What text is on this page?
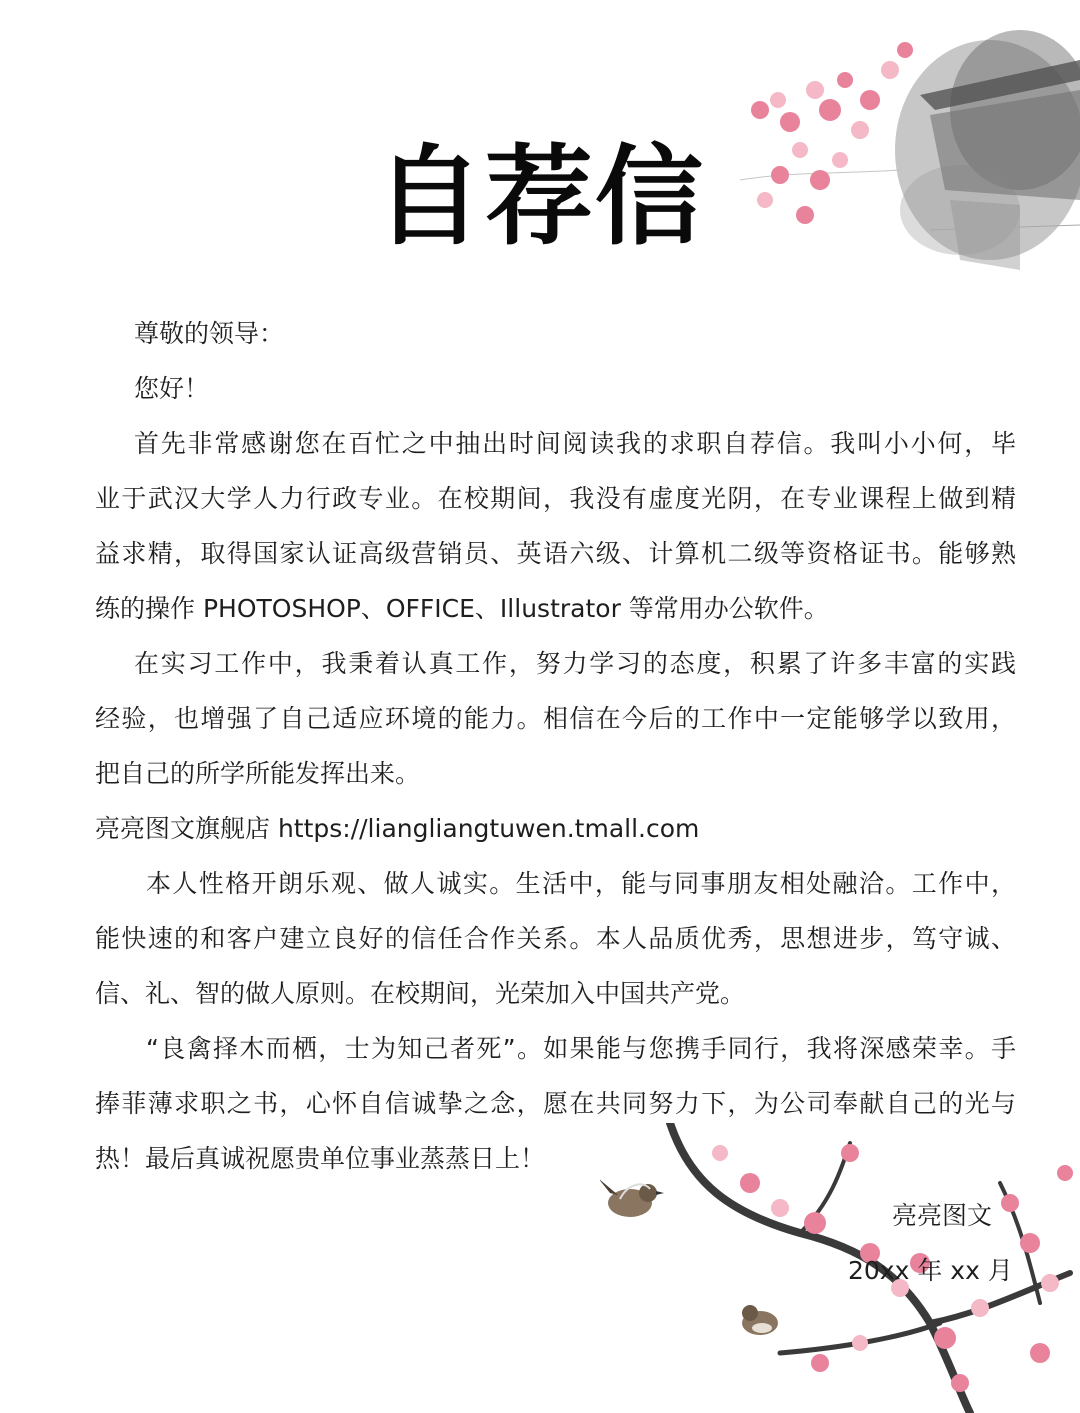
自荐信
尊敬的领导：
您好！
首先非常感谢您在百忙之中抽出时间阅读我的求职自荐信。我叫小小何，毕
业于武汉大学人力行政专业。在校期间，我没有虚度光阴，在专业课程上做到精
益求精，取得国家认证高级营销员、英语六级、计算机二级等资格证书。能够熟
练的操作 PHOTOSHOP、OFFICE、Illustrator 等常用办公软件。
在实习工作中，我秉着认真工作，努力学习的态度，积累了许多丰富的实践
经验，也增强了自己适应环境的能力。相信在今后的工作中一定能够学以致用，
把自己的所学所能发挥出来。
亮亮图文旗舰店 https://liangliangtuwen.tmall.com
本人性格开朗乐观、做人诚实。生活中，能与同事朋友相处融洽。工作中，
能快速的和客户建立良好的信任合作关系。本人品质优秀，思想进步，笃守诚、
信、礼、智的做人原则。在校期间，光荣加入中国共产党。
“良禽择木而栖，士为知己者死”。如果能与您携手同行，我将深感荣幸。手
捧菲薄求职之书，心怀自信诚挚之念，愿在共同努力下，为公司奉献自己的光与
热！最后真诚祝愿贵单位事业蒸蒸日上！
亮亮图文
20xx 年 xx 月
